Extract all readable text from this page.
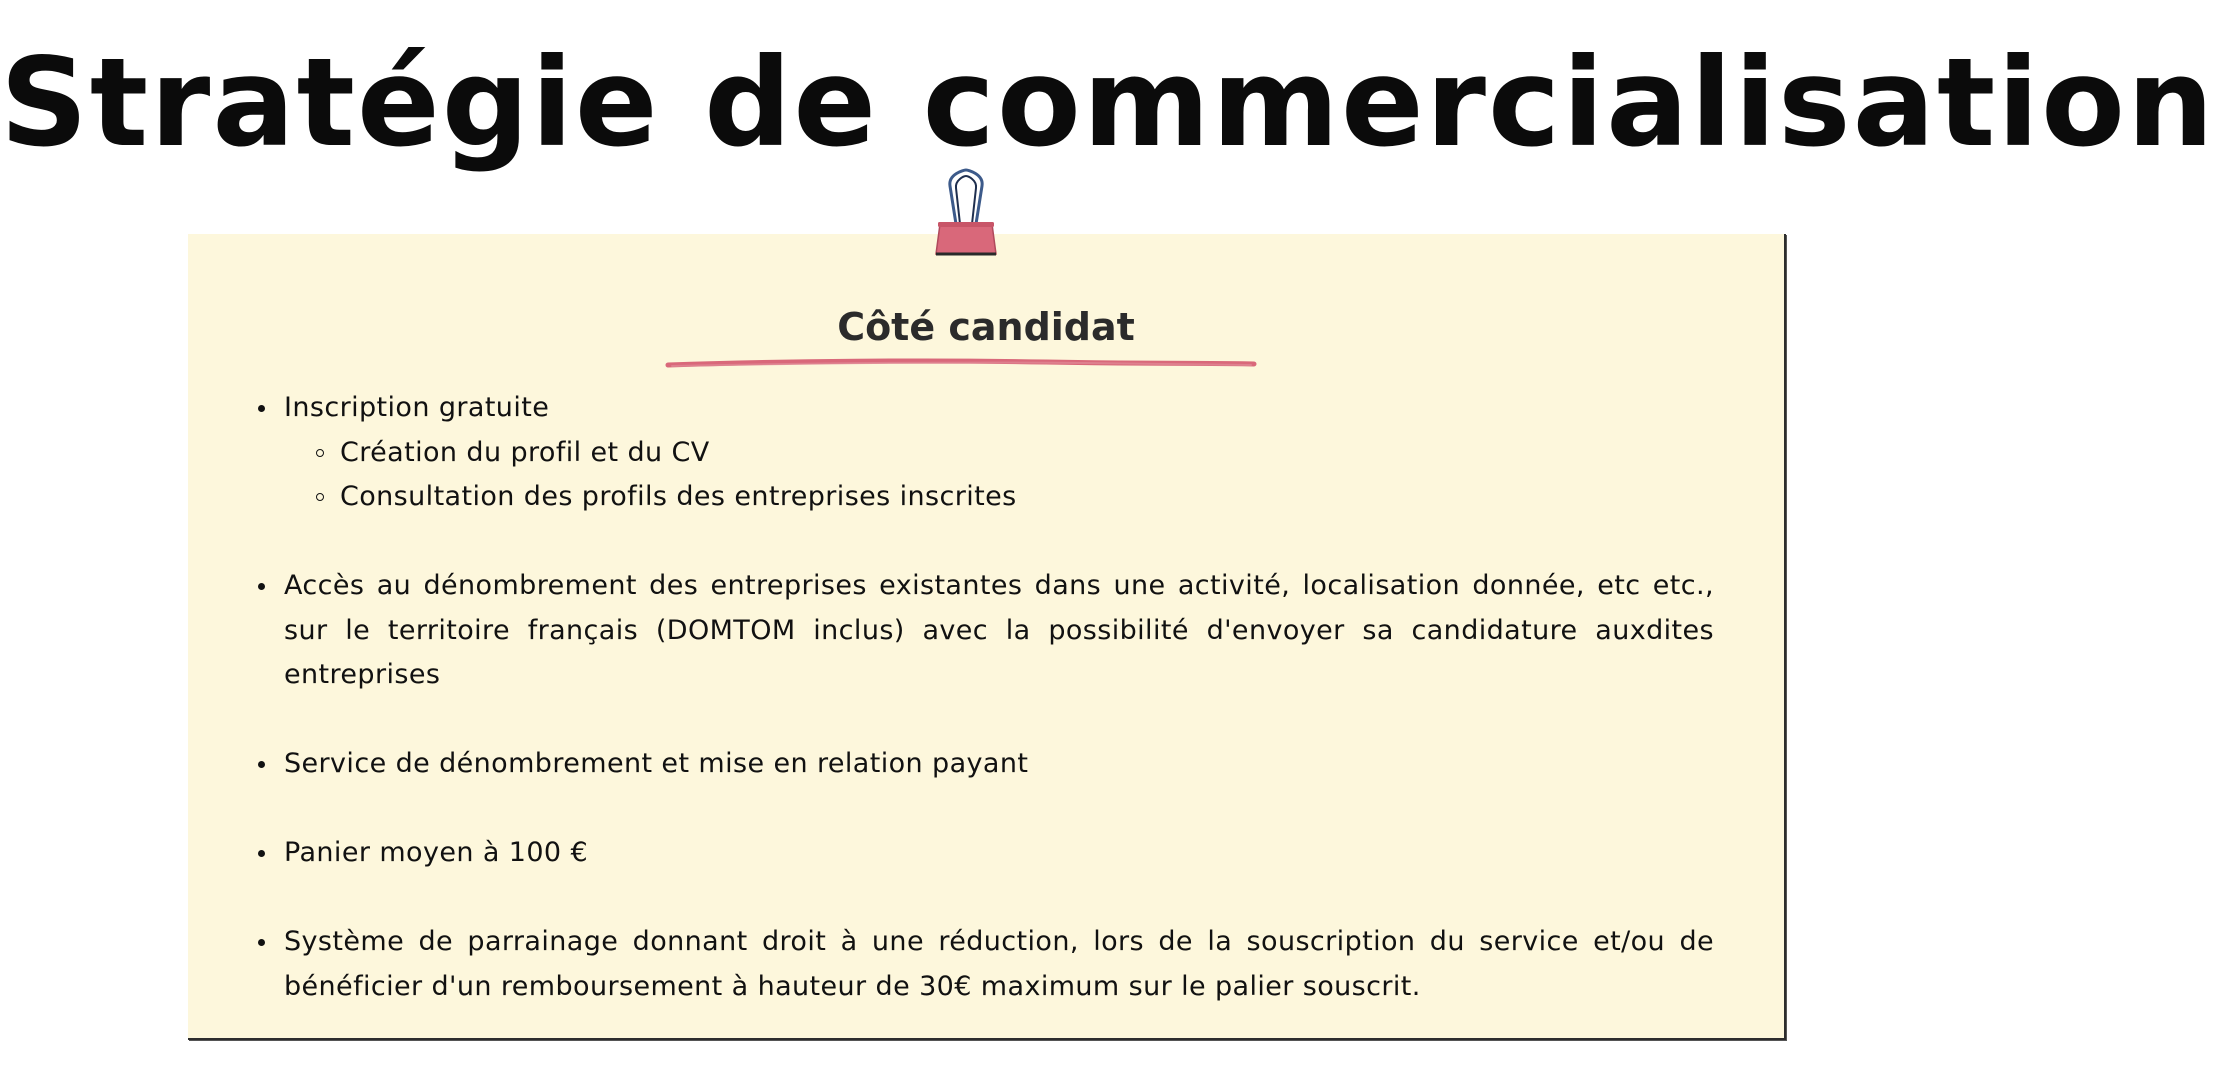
Stratégie de commercialisation
Côté candidat
Inscription gratuite
Création du profil et du CV
Consultation des profils des entreprises inscrites
Accès au dénombrement des entreprises existantes dans une activité, localisation donnée, etc etc., sur le territoire français (DOMTOM inclus) avec la possibilité d'envoyer sa candidature auxdites entreprises
Service de dénombrement et mise en relation payant
Panier moyen à 100 €
Système de parrainage donnant droit à une réduction, lors de la souscription du service et/ou de bénéficier d'un remboursement à hauteur de 30€ maximum sur le palier souscrit.
